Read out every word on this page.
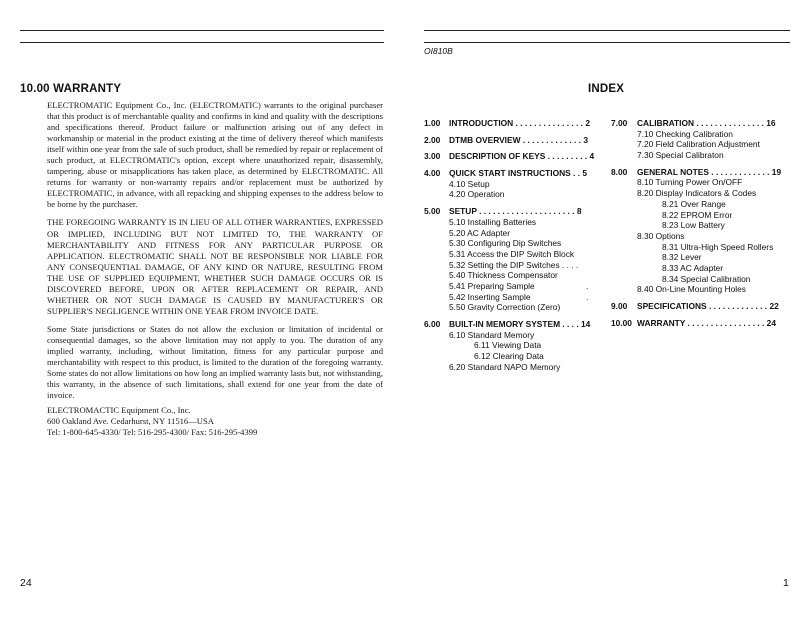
OI810B
10.00 WARRANTY

ELECTROMATIC Equipment Co., Inc. (ELECTROMATIC) warrants to the original purchaser that this product is of merchantable quality and confirms in kind and quality with the descriptions and specifications thereof. Product failure or malfunction arising out of any defect in workmanship or material in the product existing at the time of delivery thereof which manifests itself within one year from the sale of such product, shall be remedied by repair or replacement of such product, at ELECTROMATIC's option, except where unauthorized repair, disassembly, tampering, abuse or misapplications has taken place, as determined by ELECTROMATIC. All returns for warranty or non-warranty repairs and/or replacement must be authorized by ELECTROMATIC, in advance, with all repacking and shipping expenses to the address below to be borne by the purchaser.

THE FOREGOING WARRANTY IS IN LIEU OF ALL OTHER WARRANTIES, EXPRESSED OR IMPLIED, INCLUDING BUT NOT LIMITED TO, THE WARRANTY OF MERCHANTABILITY AND FITNESS FOR ANY PARTICULAR PURPOSE OR APPLICATION. ELECTROMATIC SHALL NOT BE RESPONSIBLE NOR LIABLE FOR ANY CONSEQUENTIAL DAMAGE, OF ANY KIND OR NATURE, RESULTING FROM THE USE OF SUPPLIED EQUIPMENT, WHETHER SUCH DAMAGE OCCURS OR IS DISCOVERED BEFORE, UPON OR AFTER REPLACEMENT OR REPAIR, AND WHETHER OR NOT SUCH DAMAGE IS CAUSED BY MANUFACTURER'S OR SUPPLIER'S NEGLIGENCE WITHIN ONE YEAR FROM INVOICE DATE.

Some State jurisdictions or States do not allow the exclusion or limitation of incidental or consequential damages, so the above limitation may not apply to you. The duration of any implied warranty, including, without limitation, fitness for any particular purpose and merchantability with respect to this product, is limited to the duration of the foregoing warranty. Some states do not allow limitations on how long an implied warranty lasts but, not withstanding, this warranty, in the absence of such limitations, shall extend for one year from the date of invoice.

ELECTROMACTIC Equipment Co., Inc.
600 Oakland Ave. Cedarhurst, NY 11516—USA
Tel: 1-800-645-4330/ Tel: 516-295-4300/ Fax: 516-295-4399
24
INDEX
1.00 INTRODUCTION . . . . . . . . . . . . . . . 2
2.00 DTMB OVERVIEW . . . . . . . . . . . . . 3
3.00 DESCRIPTION OF KEYS . . . . . . . . . 4
4.00 QUICK START INSTRUCTIONS . . 5
4.10 Setup
4.20 Operation
5.00 SETUP . . . . . . . . . . . . . . . . . . . . . 8
5.10 Installing Batteries
5.20 AC Adapter
5.30 Configuring Dip Switches
5.31 Access the DIP Switch Block
5.32 Setting the DIP Switches . . . .
5.40 Thickness Compensator
5.41 Preparing Sample	.
5.42 Inserting Sample	.
5.50 Gravity Correction (Zero)
6.00 BUILT-IN MEMORY SYSTEM . . . . 14
6.10 Standard Memory
6.11 Viewing Data
6.12 Clearing Data
6.20 Standard NAPO Memory
7.00 CALIBRATION . . . . . . . . . . . . . . . 16
7.10 Checking Calibration
7.20 Field Calibration Adjustment
7.30 Special Calibraton
8.00 GENERAL NOTES . . . . . . . . . . . . . 19
8.10 Turning Power On/OFF
8.20 Display Indicators & Codes
8.21 Over Range
8.22 EPROM Error
8.23 Low Battery
8.30 Options
8.31 Ultra-High Speed Rollers
8.32 Lever
8.33 AC Adapter
8.34 Special Calibration
8.40 On-Line Mounting Holes
9.00 SPECIFICATIONS . . . . . . . . . . . . . 22
10.00 WARRANTY . . . . . . . . . . . . . . . . . 24
1
